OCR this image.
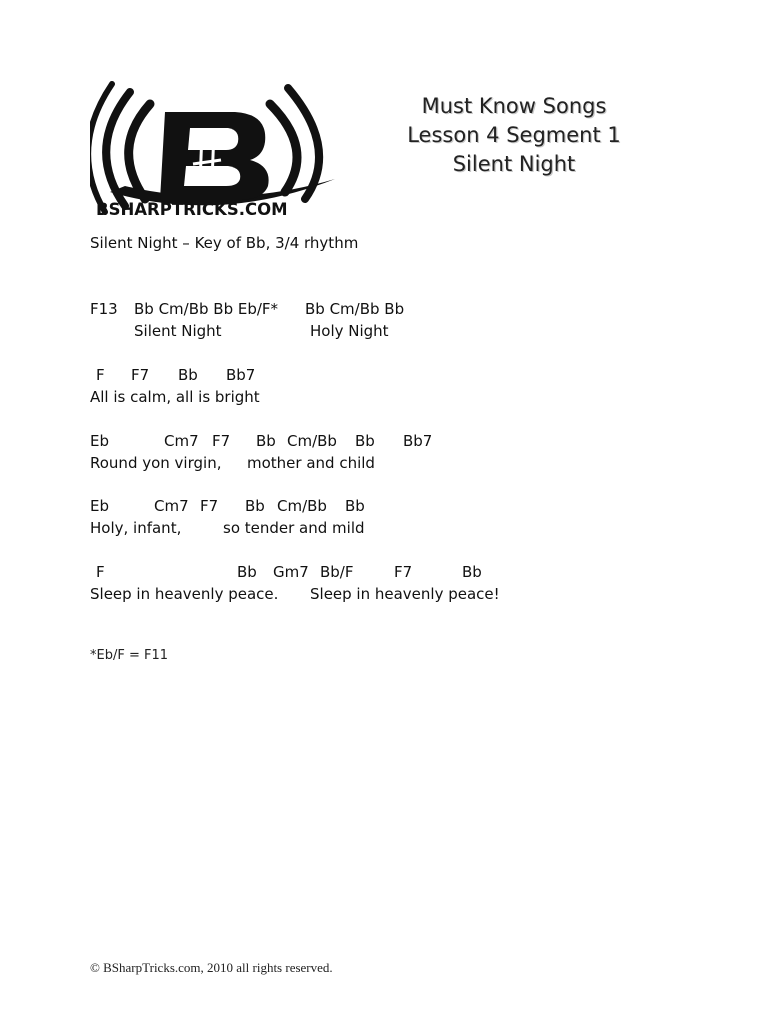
BSHARPTRICKS.COM
Must Know Songs
Lesson 4 Segment 1
Silent Night
Silent Night – Key of Bb, 3/4 rhythm
F13 Bb Cm/Bb Bb Eb/F* Bb Cm/Bb Bb
Silent Night	Holy Night
F F7 Bb Bb7
All is calm, all is bright
Eb	Cm7 F7 Bb Cm/Bb Bb Bb7
Round yon virgin, mother and child
Eb	Cm7 F7 Bb Cm/Bb Bb
Holy, infant,	so tender and mild
F	Bb Gm7 Bb/F	F7	Bb
Sleep in heavenly peace. Sleep in heavenly peace!
*Eb/F = F11
© BSharpTricks.com, 2010 all rights reserved.
